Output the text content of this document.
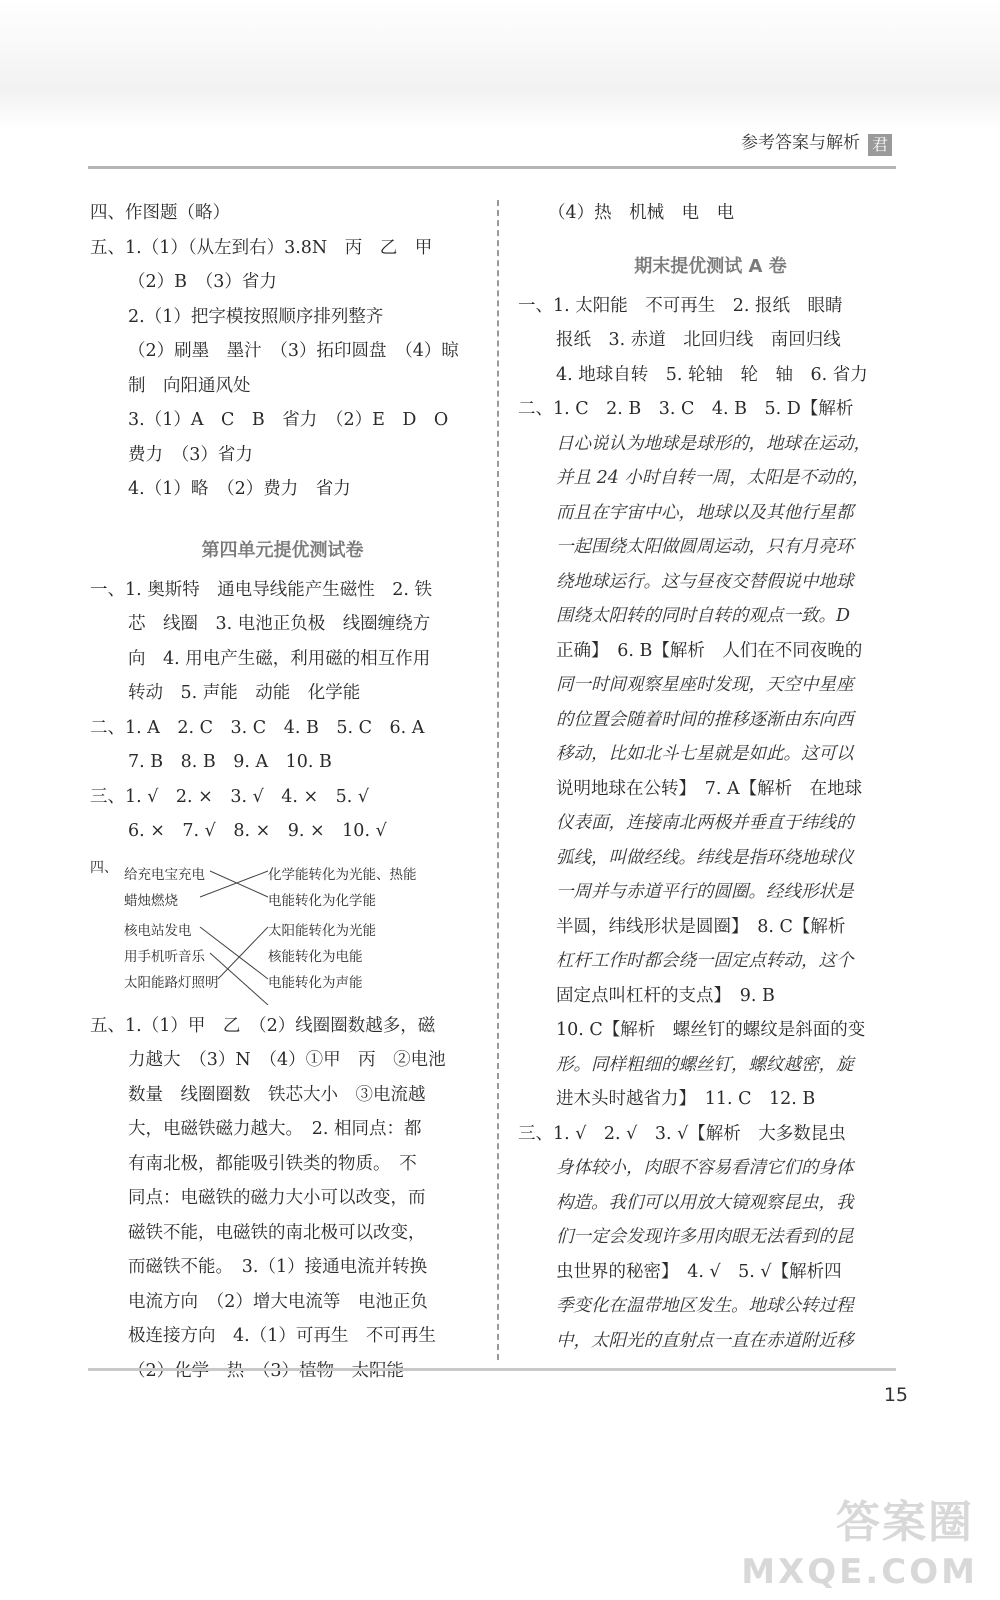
参考答案与解析 君
四、作图题（略）
五、1.（1）（从左到右）3.8N　丙　乙　甲
（2）B　（3）省力
2.（1）把字模按照顺序排列整齐
（2）刷墨　墨汁　（3）拓印圆盘　（4）晾
制　向阳通风处
3.（1）A　C　B　省力　（2）E　D　O
费力　（3）省力
4.（1）略　（2）费力　省力
第四单元提优测试卷
一、1. 奥斯特　通电导线能产生磁性　2. 铁
芯　线圈　3. 电池正负极　线圈缠绕方
向　4. 用电产生磁，利用磁的相互作用
转动　5. 声能　动能　化学能
二、1. A　2. C　3. C　4. B　5. C　6. A
7. B　8. B　9. A　10. B
三、1. √　2. ×　3. √　4. ×　5. √
6. ×　7. √　8. ×　9. ×　10. √
四、 给充电宝充电
蜡烛燃烧
核电站发电
用手机听音乐
太阳能路灯照明
化学能转化为光能、热能
电能转化为化学能
太阳能转化为光能
核能转化为电能
电能转化为声能
五、1.（1）甲　乙　（2）线圈圈数越多，磁
力越大　（3）N　（4）①甲　丙　②电池
数量　线圈圈数　铁芯大小　③电流越
大，电磁铁磁力越大。　2. 相同点：都
有南北极，都能吸引铁类的物质。　不
同点：电磁铁的磁力大小可以改变，而
磁铁不能，电磁铁的南北极可以改变，
而磁铁不能。　3.（1）接通电流并转换
电流方向　（2）增大电流等　电池正负
极连接方向　4.（1）可再生　不可再生
（4）热　机械　电　电
期末提优测试 A 卷
一、1. 太阳能　不可再生　2. 报纸　眼睛
报纸　3. 赤道　北回归线　南回归线
4. 地球自转　5. 轮轴　轮　轴　6. 省力
二、1. C　2. B　3. C　4. B　5. D【解析
日心说认为地球是球形的，地球在运动，
并且 24 小时自转一周，太阳是不动的，
而且在宇宙中心，地球以及其他行星都
一起围绕太阳做圆周运动，只有月亮环
绕地球运行。这与昼夜交替假说中地球
围绕太阳转的同时自转的观点一致。D
正确】　6. B【解析　人们在不同夜晚的
同一时间观察星座时发现，天空中星座
的位置会随着时间的推移逐渐由东向西
移动，比如北斗七星就是如此。这可以
说明地球在公转】　7. A【解析　在地球
仪表面，连接南北两极并垂直于纬线的
弧线，叫做经线。纬线是指环绕地球仪
一周并与赤道平行的圆圈。经线形状是
半圆，纬线形状是圆圈】　8. C【解析
杠杆工作时都会绕一固定点转动，这个
固定点叫杠杆的支点】　9. B
10. C【解析　螺丝钉的螺纹是斜面的变
形。同样粗细的螺丝钉，螺纹越密，旋
进木头时越省力】　11. C　12. B
三、1. √　2. √　3. √【解析　大多数昆虫
身体较小，肉眼不容易看清它们的身体
构造。我们可以用放大镜观察昆虫，我
们一定会发现许多用肉眼无法看到的昆
虫世界的秘密】　4. √　5. √【解析四
季变化在温带地区发生。地球公转过程
中，太阳光的直射点一直在赤道附近移
15
答案圈
MXQE.COM
